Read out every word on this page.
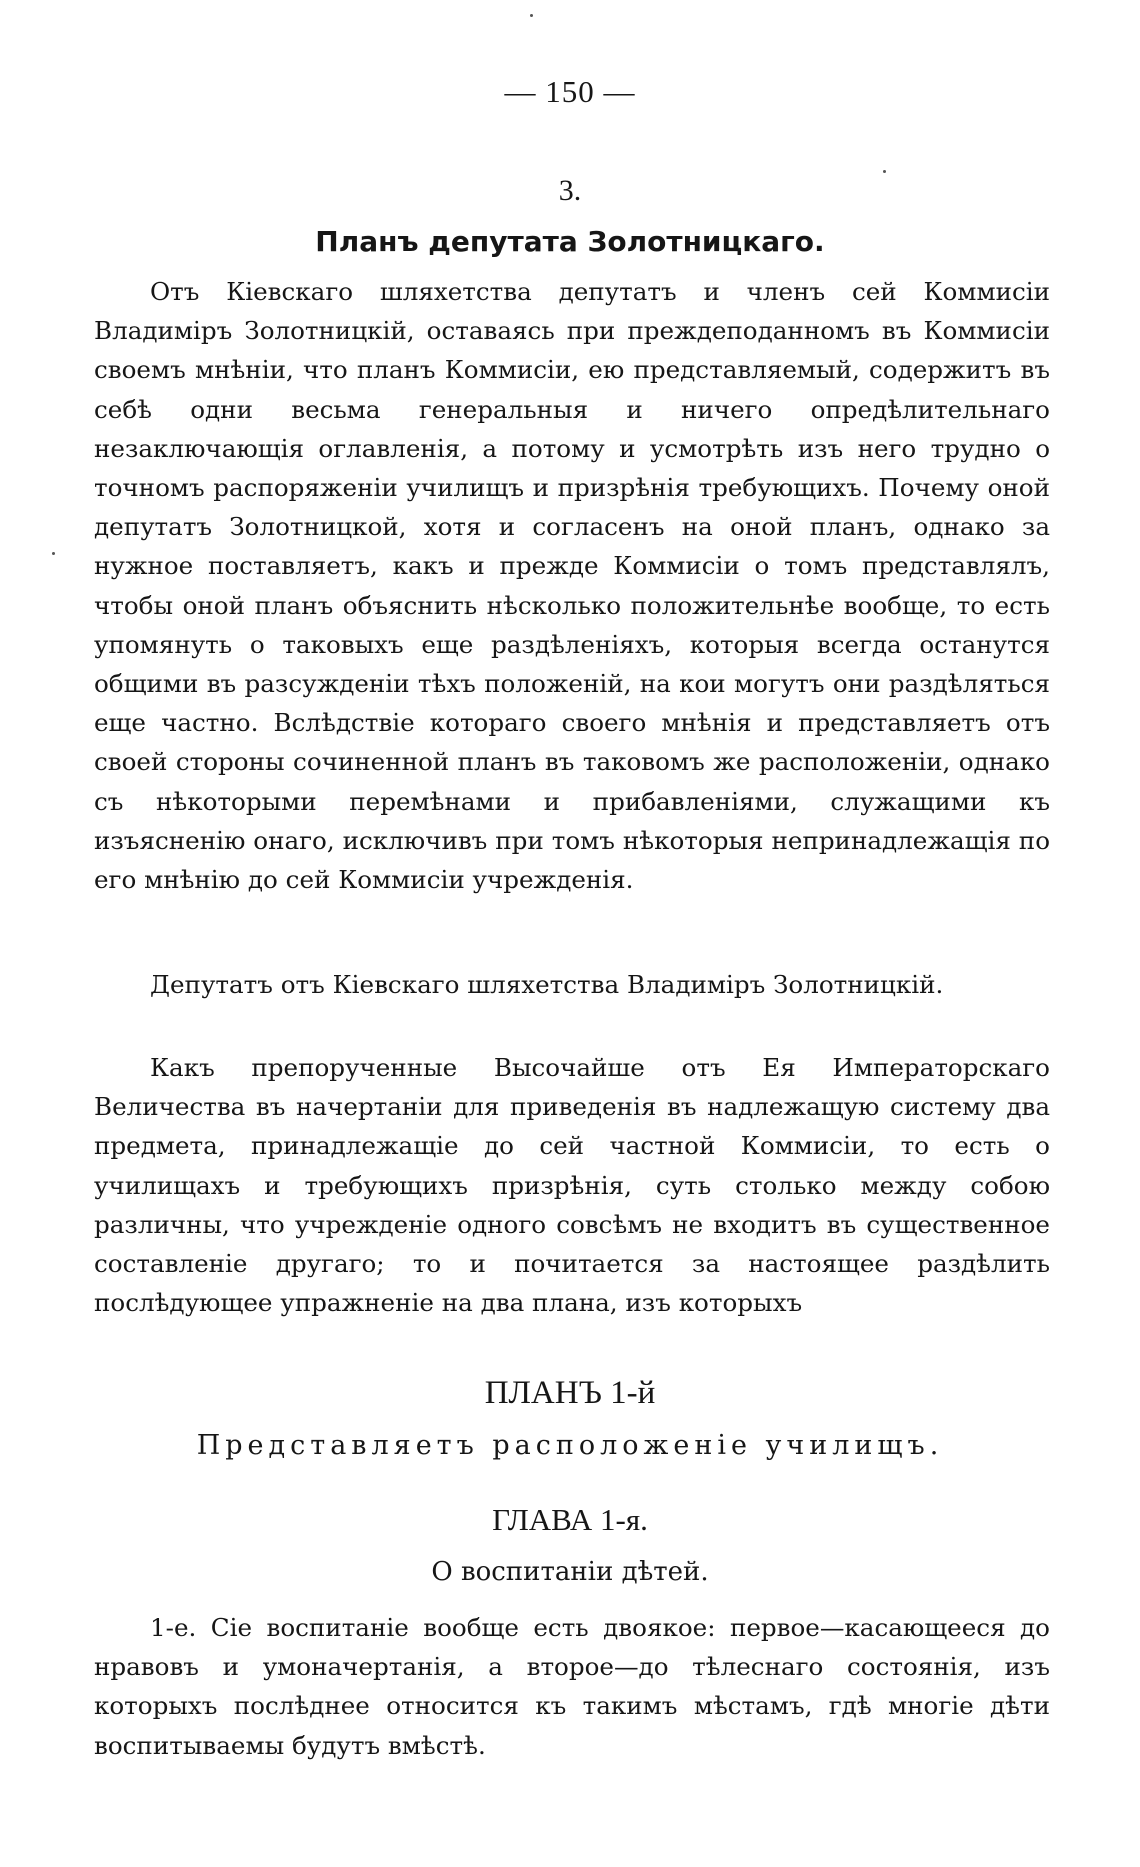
— 150 —
3.
Планъ депутата Золотницкаго.

Отъ Кіевскаго шляхетства депутатъ и членъ сей Коммисіи Владиміръ Золотницкій, оставаясь при преждеподанномъ въ Коммисіи своемъ мнѣніи, что планъ Коммисіи, ею представляемый, содержитъ въ себѣ одни весьма генеральныя и ничего опредѣлительнаго незаключающія оглавленія, а потому и усмотрѣть изъ него трудно о точномъ распоряженіи училищъ и призрѣнія требующихъ. Почему оной депутатъ Золотницкой, хотя и согласенъ на оной планъ, однако за нужное поставляетъ, какъ и прежде Коммисіи о томъ представлялъ, чтобы оной планъ объяснить нѣсколько положительнѣе вообще, то есть упомянуть о таковыхъ еще раздѣленіяхъ, которыя всегда останутся общими въ разсужденіи тѣхъ положеній, на кои могутъ они раздѣляться еще частно. Вслѣдствіе котораго своего мнѣнія и представляетъ отъ своей стороны сочиненной планъ въ таковомъ же расположеніи, однако съ нѣкоторыми перемѣнами и прибавленіями, служащими къ изъясненію онаго, исключивъ при томъ нѣкоторыя непринадлежащія по его мнѣнію до сей Коммисіи учрежденія.

Депутатъ отъ Кіевскаго шляхетства Владиміръ Золотницкій.

Какъ препорученные Высочайше отъ Ея Императорскаго Величества въ начертаніи для приведенія въ надлежащую систему два предмета, принадлежащіе до сей частной Коммисіи, то есть о училищахъ и требующихъ призрѣнія, суть столько между собою различны, что учрежденіе одного совсѣмъ не входитъ въ существенное составленіе другаго; то и почитается за настоящее раздѣлить послѣдующее упражненіе на два плана, изъ которыхъ

ПЛАНЪ 1-й
Представляетъ расположеніе училищъ.
ГЛАВА 1-я.
О воспитаніи дѣтей.

1-е. Сіе воспитаніе вообще есть двоякое: первое—касающееся до нравовъ и умоначертанія, а второе—до тѣлеснаго состоянія, изъ которыхъ послѣднее относится къ такимъ мѣстамъ, гдѣ многіе дѣти воспитываемы будутъ вмѣстѣ.
